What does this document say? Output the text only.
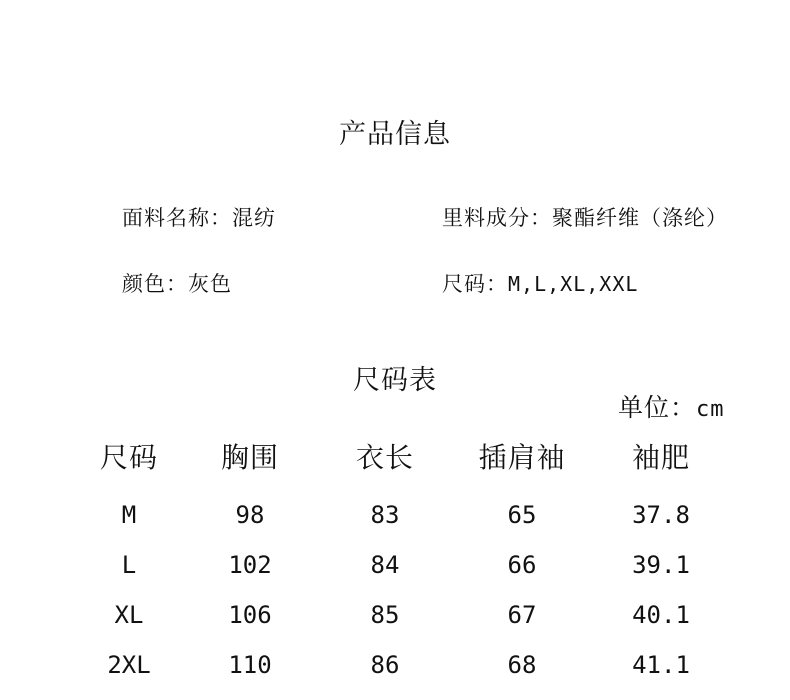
产品信息
面料名称：混纺	里料成分：聚酯纤维（涤纶）
颜色：灰色	尺码：M,L,XL,XXL
尺码表
单位：cm
尺码	胸围	衣长	插肩袖	袖肥
M	98	83	65	37.8
L	102	84	66	39.1
XL	106	85	67	40.1
2XL	110	86	68	41.1
